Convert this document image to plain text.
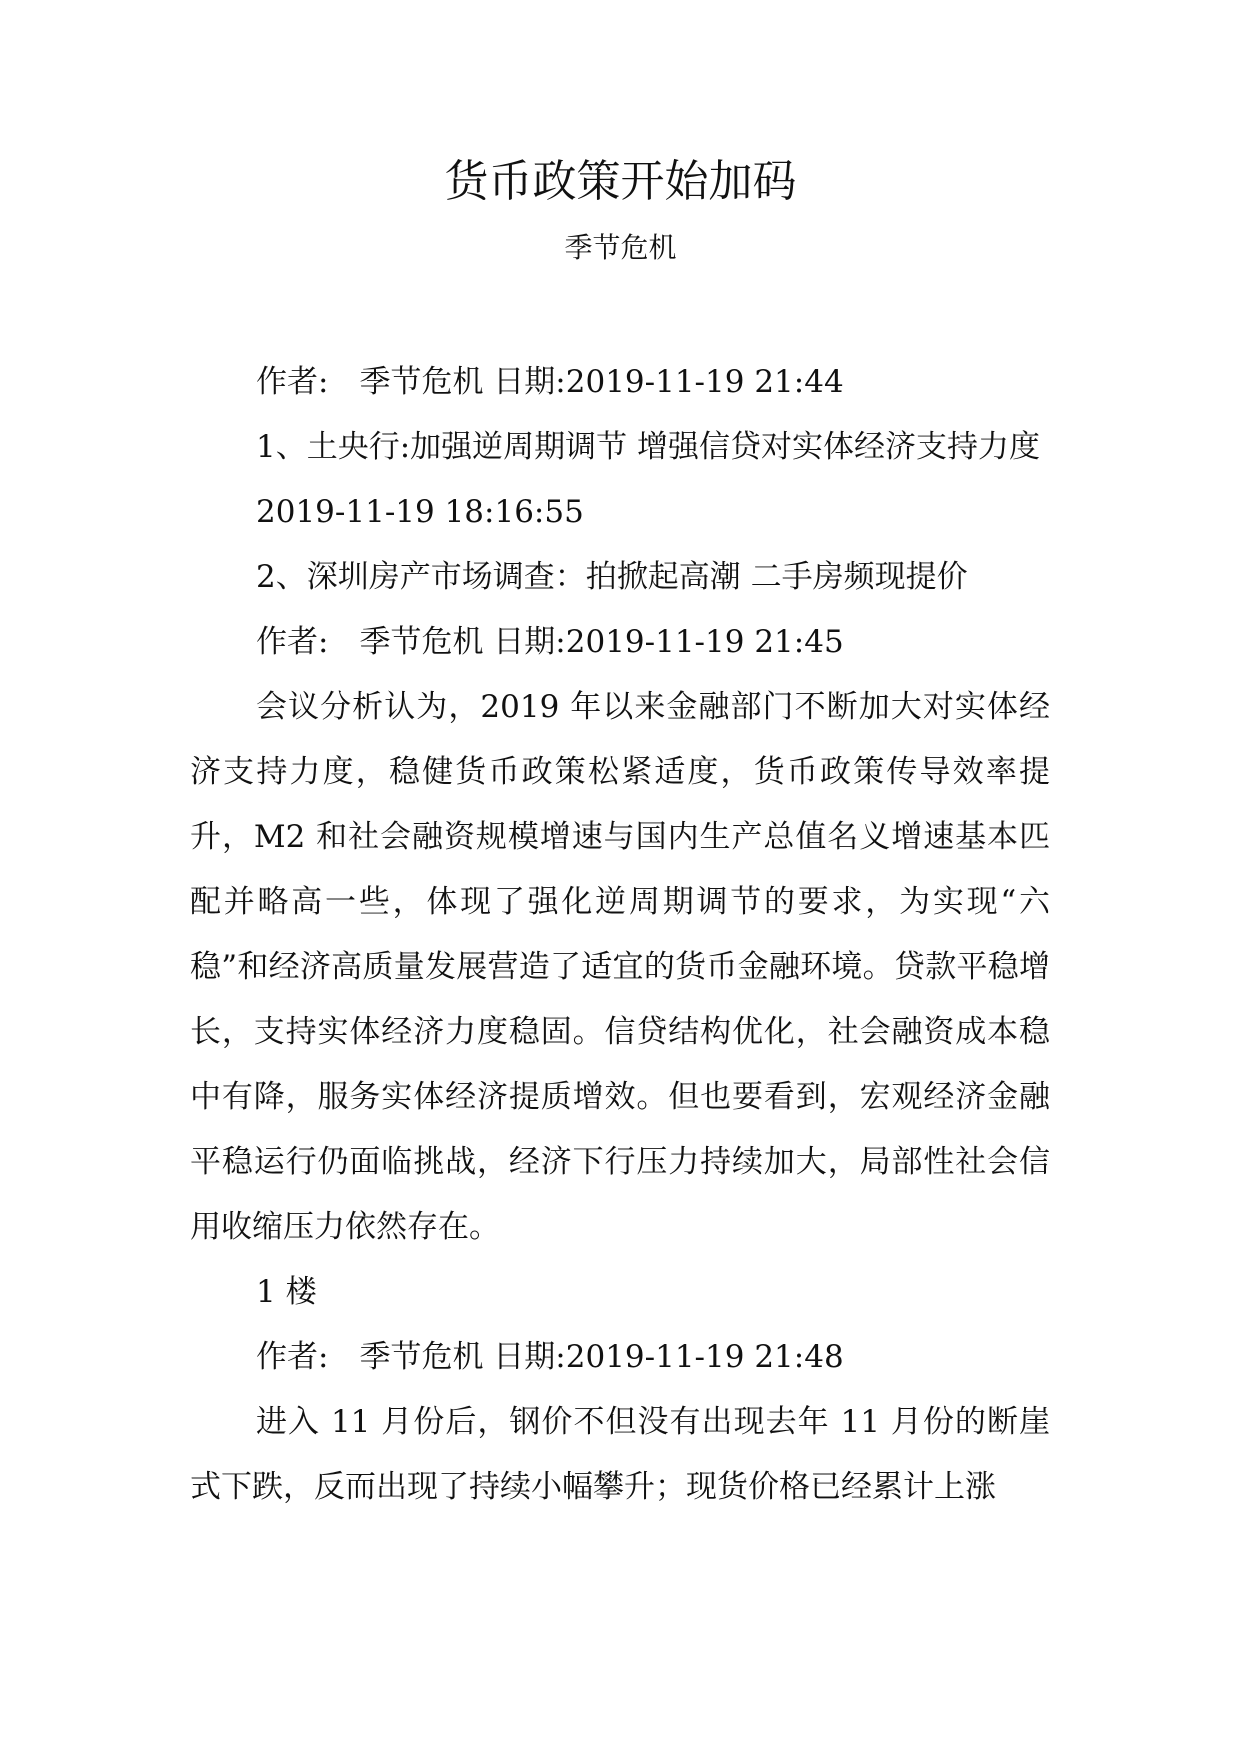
货币政策开始加码
季节危机

作者:　季节危机 日期:2019-11-19 21:44

1、土央行:加强逆周期调节 增强信贷对实体经济支持力度

2019-11-19 18:16:55

2、深圳房产市场调查：拍掀起高潮 二手房频现提价

作者:　季节危机 日期:2019-11-19 21:45

会议分析认为，2019 年以来金融部门不断加大对实体经济支持力度，稳健货币政策松紧适度，货币政策传导效率提升，M2 和社会融资规模增速与国内生产总值名义增速基本匹配并略高一些，体现了强化逆周期调节的要求，为实现“六稳”和经济高质量发展营造了适宜的货币金融环境。贷款平稳增长，支持实体经济力度稳固。信贷结构优化，社会融资成本稳中有降，服务实体经济提质增效。但也要看到，宏观经济金融平稳运行仍面临挑战，经济下行压力持续加大，局部性社会信用收缩压力依然存在。

1 楼

作者:　季节危机 日期:2019-11-19 21:48

进入 11 月份后，钢价不但没有出现去年 11 月份的断崖式下跌，反而出现了持续小幅攀升；现货价格已经累计上涨
